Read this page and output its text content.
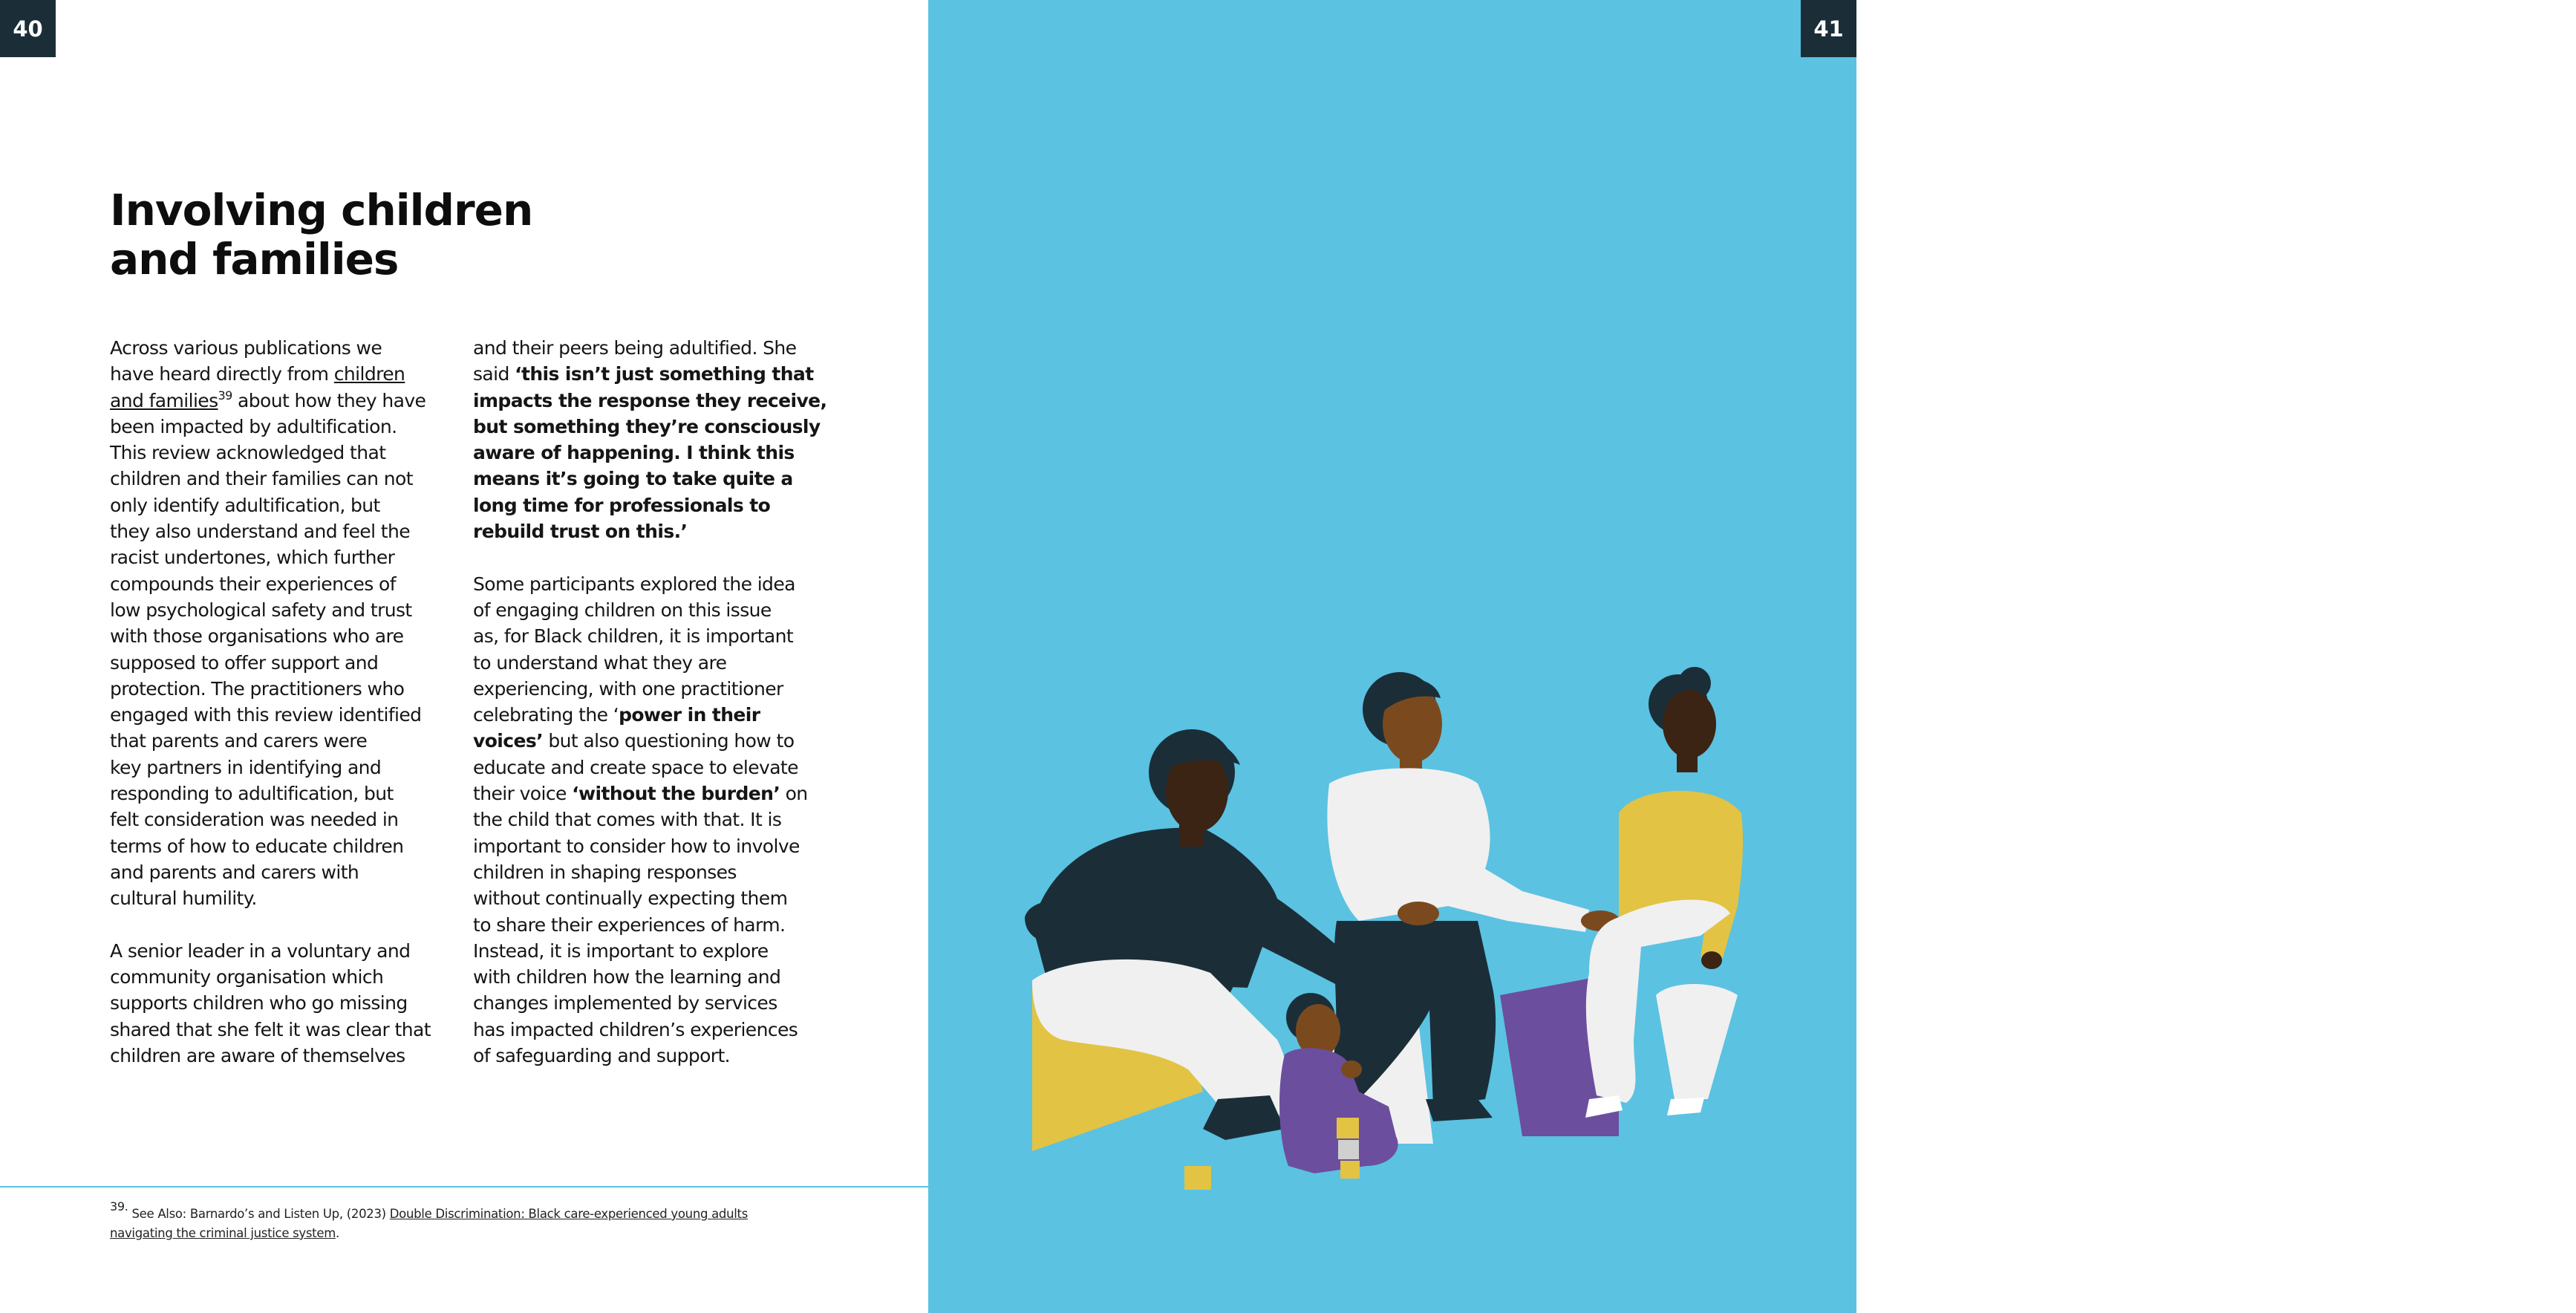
40
Involving children
and families

Across various publications we
have heard directly from children
and families$^{39}$ about how they have
been impacted by adultification.
This review acknowledged that
children and their families can not
only identify adultification, but
they also understand and feel the
racist undertones, which further
compounds their experiences of
low psychological safety and trust
with those organisations who are
supposed to offer support and
protection. The practitioners who
engaged with this review identified
that parents and carers were
key partners in identifying and
responding to adultification, but
felt consideration was needed in
terms of how to educate children
and parents and carers with
cultural humility.

A senior leader in a voluntary and
community organisation which
supports children who go missing
shared that she felt it was clear that
children are aware of themselves

and their peers being adultified. She
said ‘this isn’t just something that
impacts the response they receive,
but something they’re consciously
aware of happening. I think this
means it’s going to take quite a
long time for professionals to
rebuild trust on this.’

Some participants explored the idea
of engaging children on this issue
as, for Black children, it is important
to understand what they are
experiencing, with one practitioner
celebrating the ‘power in their
voices’ but also questioning how to
educate and create space to elevate
their voice ‘without the burden’ on
the child that comes with that. It is
important to consider how to involve
children in shaping responses
without continually expecting them
to share their experiences of harm.
Instead, it is important to explore
with children how the learning and
changes implemented by services
has impacted children’s experiences
of safeguarding and support.

$^{39.}$ See Also: Barnardo’s and Listen Up, (2023) Double Discrimination: Black care-experienced young adults
navigating the criminal justice system.
41
It is important to explore
with children how the learning and
changes implemented by services
has impacted children’s experiences
of safeguarding and support
